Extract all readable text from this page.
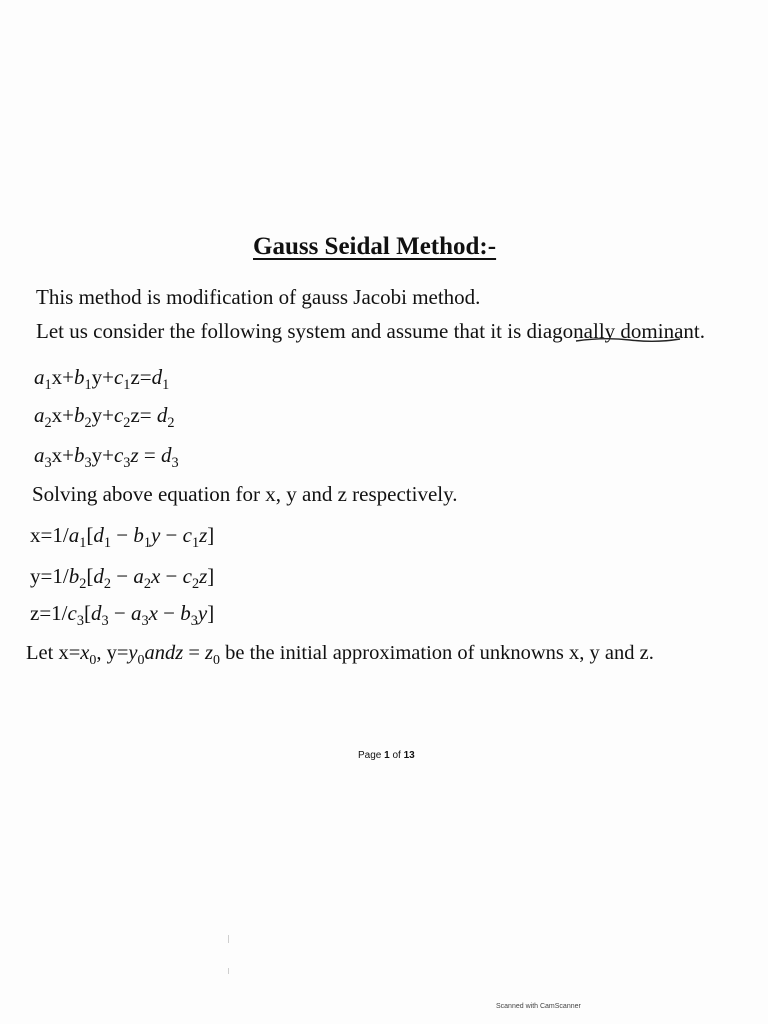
Gauss Seidal Method:-
This method is modification of gauss Jacobi method.
Let us consider the following system and assume that it is diagonally dominant.
$a_1x+b_1y+c_1z=d_1$
$a_2x+b_2y+c_2z= d_2$
$a_3x+b_3y+c_3z = d_3$
Solving above equation for x, y and z respectively.
$x=1/a_1[d_1 - b_1y - c_1z]$
$y=1/b_2[d_2 - a_2x - c_2z]$
$z=1/c_3[d_3 - a_3x - b_3y]$
Let $x=x_0$, $y=y_0andz = z_0$ be the initial approximation of unknowns x, y and z.
Page 1 of 13
Scanned with CamScanner
